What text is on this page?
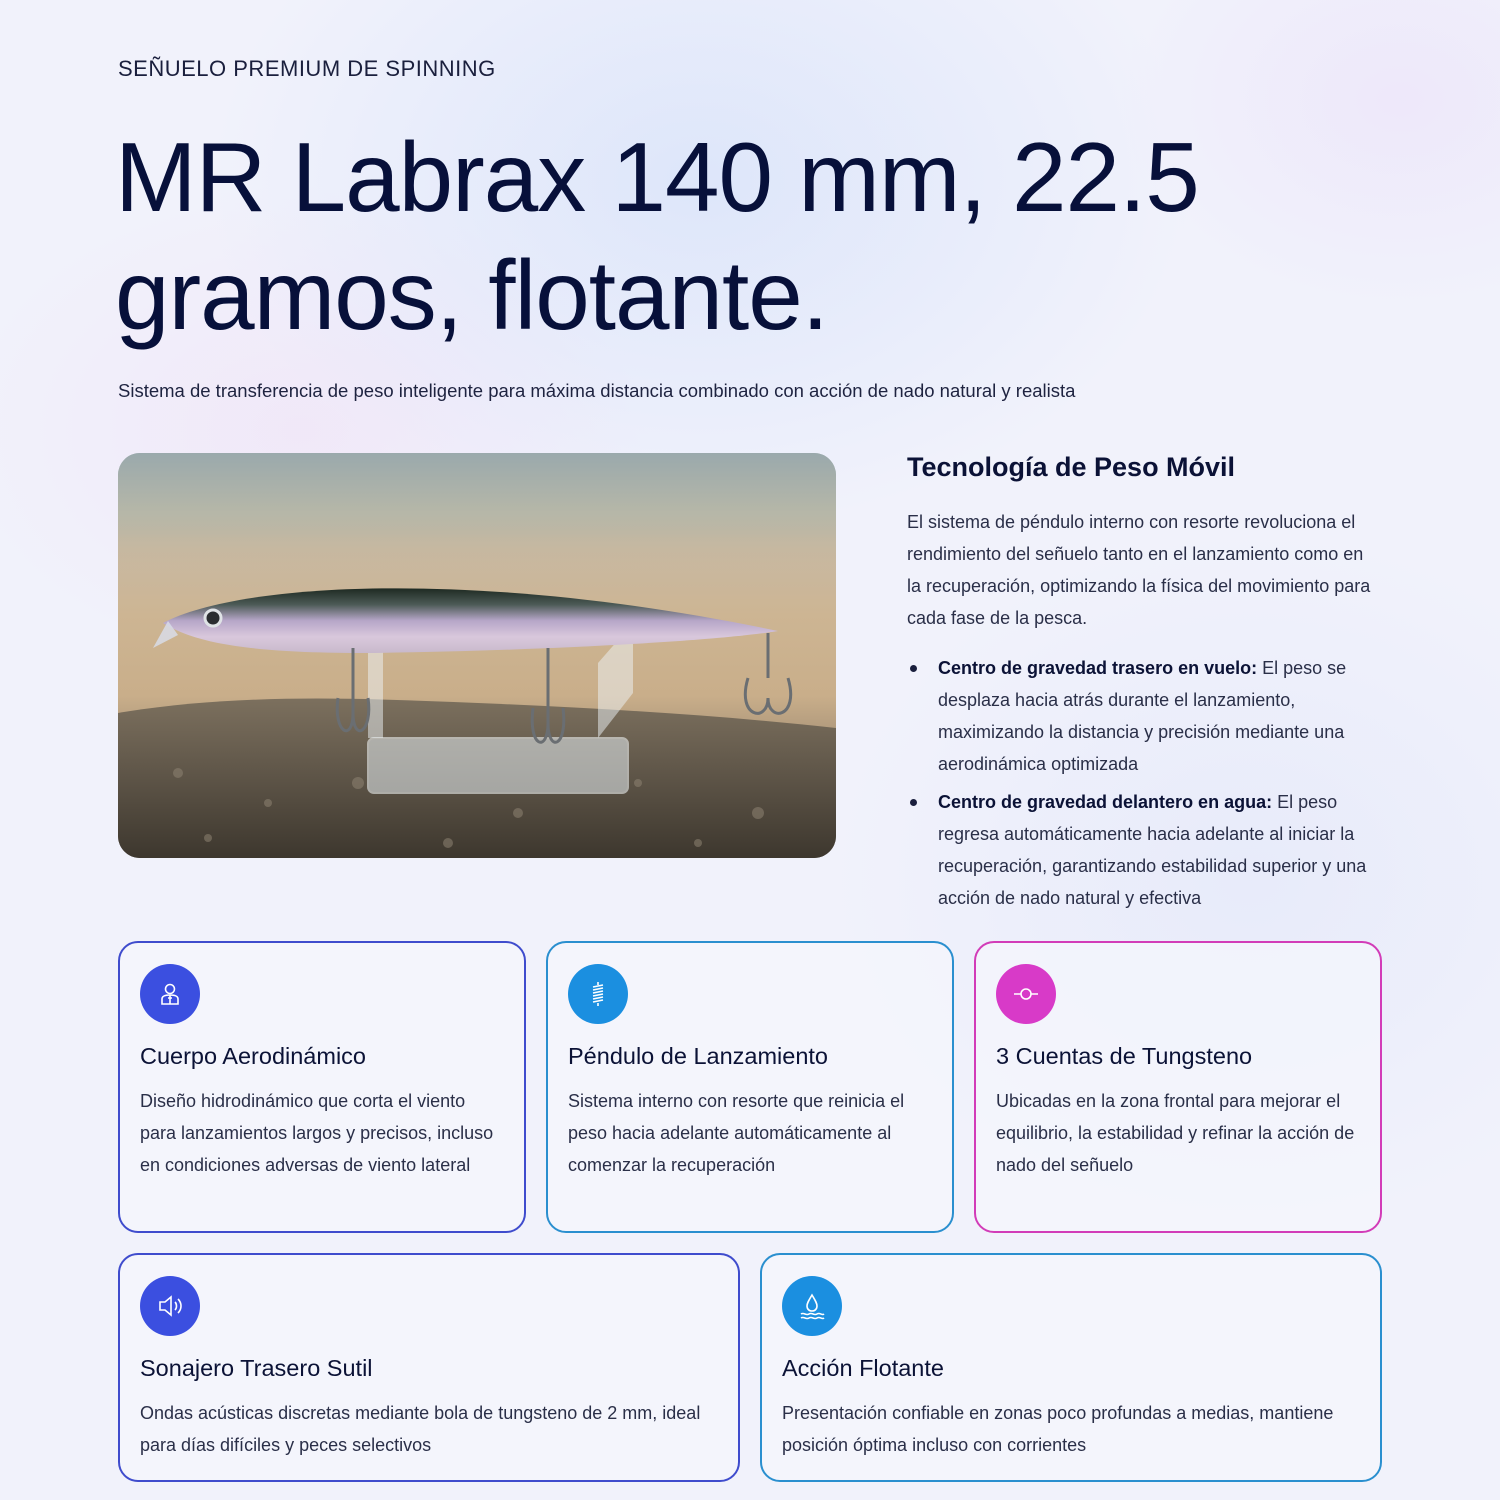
SEÑUELO PREMIUM DE SPINNING
MR Labrax 140 mm, 22.5 gramos, flotante.

Sistema de transferencia de peso inteligente para máxima distancia combinado con acción de nado natural y realista

Tecnología de Peso Móvil

El sistema de péndulo interno con resorte revoluciona el rendimiento del señuelo tanto en el lanzamiento como en la recuperación, optimizando la física del movimiento para cada fase de la pesca.

Centro de gravedad trasero en vuelo: El peso se desplaza hacia atrás durante el lanzamiento, maximizando la distancia y precisión mediante una aerodinámica optimizada
Centro de gravedad delantero en agua: El peso regresa automáticamente hacia adelante al iniciar la recuperación, garantizando estabilidad superior y una acción de nado natural y efectiva
Cuerpo Aerodinámico
Diseño hidrodinámico que corta el viento para lanzamientos largos y precisos, incluso en condiciones adversas de viento lateral
Péndulo de Lanzamiento
Sistema interno con resorte que reinicia el peso hacia adelante automáticamente al comenzar la recuperación
3 Cuentas de Tungsteno
Ubicadas en la zona frontal para mejorar el equilibrio, la estabilidad y refinar la acción de nado del señuelo
Sonajero Trasero Sutil
Ondas acústicas discretas mediante bola de tungsteno de 2 mm, ideal para días difíciles y peces selectivos
Acción Flotante
Presentación confiable en zonas poco profundas a medias, mantiene posición óptima incluso con corrientes
